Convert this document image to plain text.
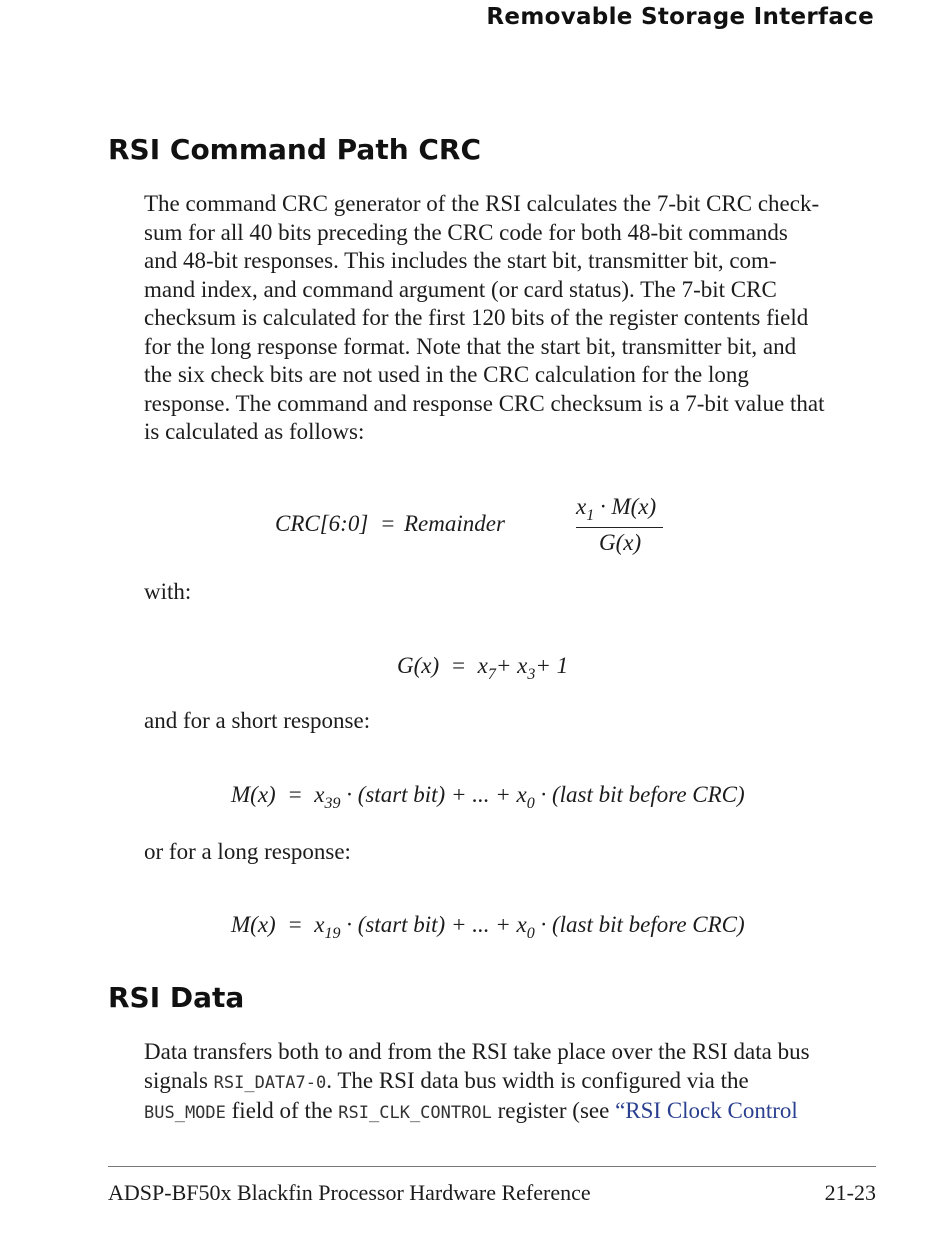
Removable Storage Interface
RSI Command Path CRC

The command CRC generator of the RSI calculates the 7-bit CRC check-

sum for all 40 bits preceding the CRC code for both 48-bit commands

and 48-bit responses. This includes the start bit, transmitter bit, com-

mand index, and command argument (or card status). The 7-bit CRC

checksum is calculated for the first 120 bits of the register contents field

for the long response format. Note that the start bit, transmitter bit, and

the six check bits are not used in the CRC calculation for the long

response. The command and response CRC checksum is a 7-bit value that

is calculated as follows:

CRC[6:0] = Remainder
$x_1 \cdot M(x)$
G(x)

with:

$G(x) = x_7+ x_3+ 1$

and for a short response:

$M(x) = x_{39}$ · (start bit) + ... + $x_0$ · (last bit before CRC)

or for a long response:

$M(x) = x_{19}$ · (start bit) + ... + $x_0$ · (last bit before CRC)
RSI Data

Data transfers both to and from the RSI take place over the RSI data bus

signals RSI_DATA7-0. The RSI data bus width is configured via the

BUS_MODE field of the RSI_CLK_CONTROL register (see “RSI Clock Control

ADSP-BF50x Blackfin Processor Hardware Reference	21-23
